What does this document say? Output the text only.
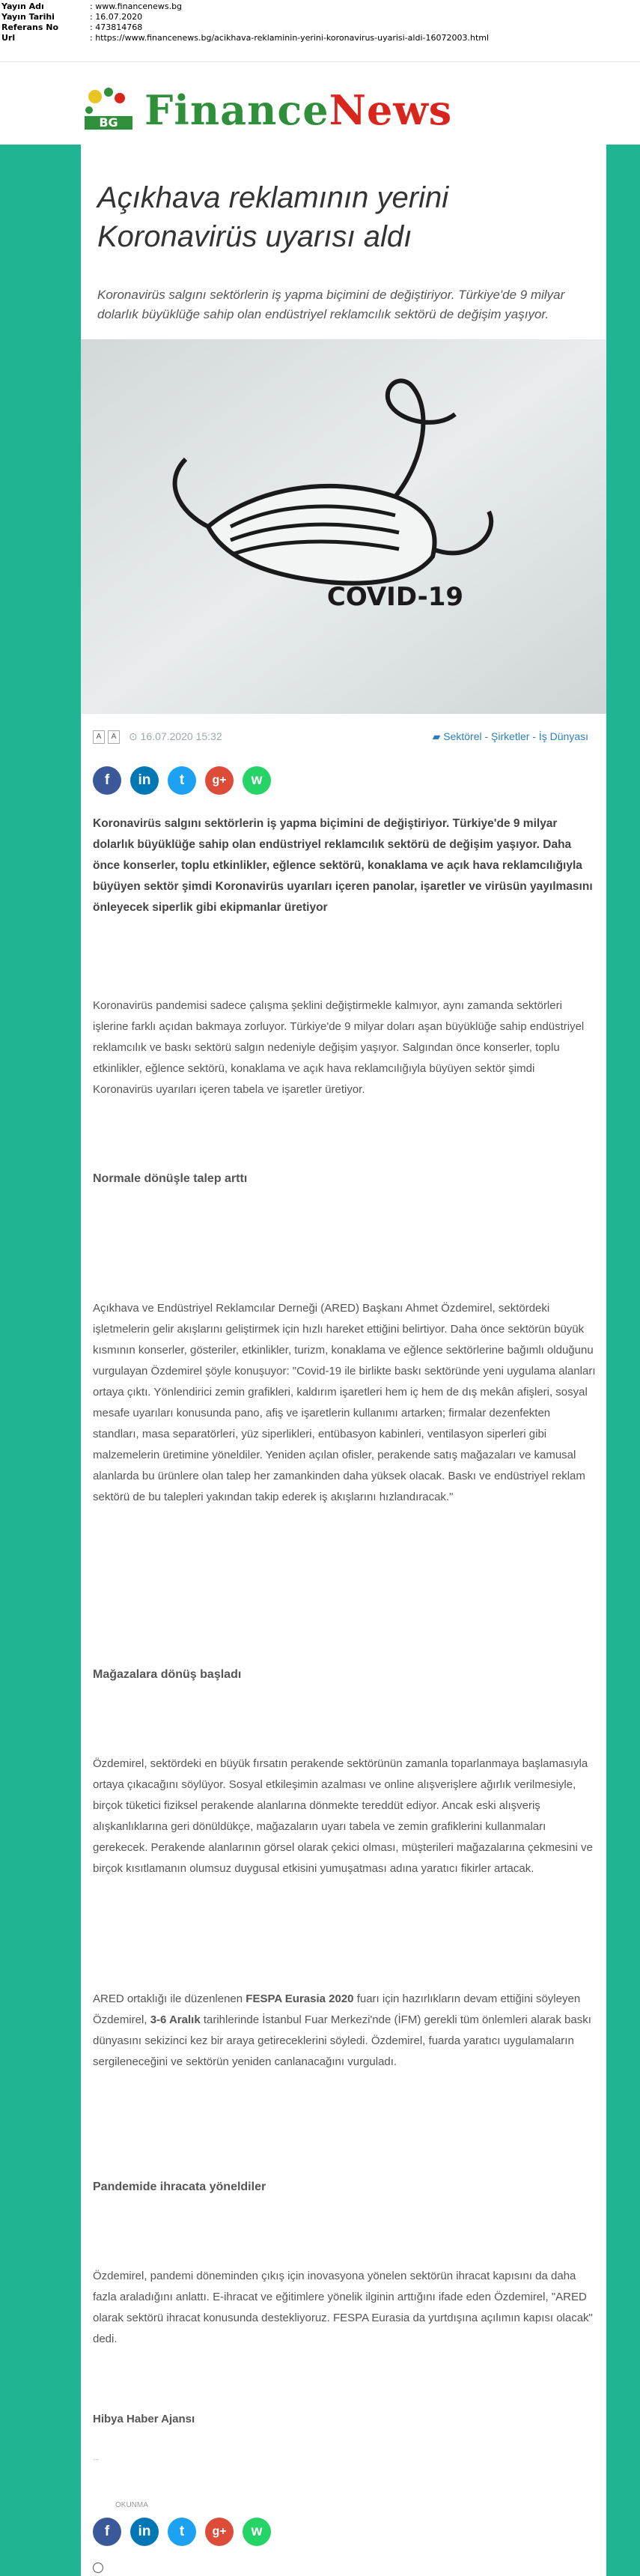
Yayın Adı	: www.financenews.bg
Yayın Tarihi	: 16.07.2020
Referans No	: 473814768
Url	: https://www.financenews.bg/acikhava-reklaminin-yerini-koronavirus-uyarisi-aldi-16072003.html
BG FinanceNews
Açıkhava reklamının yerini Koronavirüs uyarısı aldı

Koronavirüs salgını sektörlerin iş yapma biçimini de değiştiriyor. Türkiye'de 9 milyar dolarlık büyüklüğe sahip olan endüstriyel reklamcılık sektörü de değişim yaşıyor.

COVID-19
A	A	⊙ 16.07.2020 15:32	▰ Sektörel - Şirketler - İş Dünyası
f	in	t	g+	w

Koronavirüs salgını sektörlerin iş yapma biçimini de değiştiriyor. Türkiye'de 9 milyar dolarlık büyüklüğe sahip olan endüstriyel reklamcılık sektörü de değişim yaşıyor. Daha önce konserler, toplu etkinlikler, eğlence sektörü, konaklama ve açık hava reklamcılığıyla büyüyen sektör şimdi Koronavirüs uyarıları içeren panolar, işaretler ve virüsün yayılmasını önleyecek siperlik gibi ekipmanlar üretiyor

Koronavirüs pandemisi sadece çalışma şeklini değiştirmekle kalmıyor, aynı zamanda sektörleri işlerine farklı açıdan bakmaya zorluyor. Türkiye'de 9 milyar doları aşan büyüklüğe sahip endüstriyel reklamcılık ve baskı sektörü salgın nedeniyle değişim yaşıyor. Salgından önce konserler, toplu etkinlikler, eğlence sektörü, konaklama ve açık hava reklamcılığıyla büyüyen sektör şimdi Koronavirüs uyarıları içeren tabela ve işaretler üretiyor.

Normale dönüşle talep arttı

Açıkhava ve Endüstriyel Reklamcılar Derneği (ARED) Başkanı Ahmet Özdemirel, sektördeki işletmelerin gelir akışlarını geliştirmek için hızlı hareket ettiğini belirtiyor. Daha önce sektörün büyük kısmının konserler, gösteriler, etkinlikler, turizm, konaklama ve eğlence sektörlerine bağımlı olduğunu vurgulayan Özdemirel şöyle konuşuyor: "Covid-19 ile birlikte baskı sektöründe yeni uygulama alanları ortaya çıktı. Yönlendirici zemin grafikleri, kaldırım işaretleri hem iç hem de dış mekân afişleri, sosyal mesafe uyarıları konusunda pano, afiş ve işaretlerin kullanımı artarken; firmalar dezenfekten standları, masa separatörleri, yüz siperlikleri, entübasyon kabinleri, ventilasyon siperleri gibi malzemelerin üretimine yöneldiler. Yeniden açılan ofisler, perakende satış mağazaları ve kamusal alanlarda bu ürünlere olan talep her zamankinden daha yüksek olacak. Baskı ve endüstriyel reklam sektörü de bu talepleri yakından takip ederek iş akışlarını hızlandıracak."

Mağazalara dönüş başladı

Özdemirel, sektördeki en büyük fırsatın perakende sektörünün zamanla toparlanmaya başlamasıyla ortaya çıkacağını söylüyor. Sosyal etkileşimin azalması ve online alışverişlere ağırlık verilmesiyle, birçok tüketici fiziksel perakende alanlarına dönmekte tereddüt ediyor. Ancak eski alışveriş alışkanlıklarına geri dönüldükçe, mağazaların uyarı tabela ve zemin grafiklerini kullanmaları gerekecek. Perakende alanlarının görsel olarak çekici olması, müşterileri mağazalarına çekmesini ve birçok kısıtlamanın olumsuz duygusal etkisini yumuşatması adına yaratıcı fikirler artacak.

ARED ortaklığı ile düzenlenen FESPA Eurasia 2020 fuarı için hazırlıkların devam ettiğini söyleyen Özdemirel, 3-6 Aralık tarihlerinde İstanbul Fuar Merkezi'nde (İFM) gerekli tüm önlemleri alarak baskı dünyasını sekizinci kez bir araya getireceklerini söyledi. Özdemirel, fuarda yaratıcı uygulamaların sergileneceğini ve sektörün yeniden canlanacağını vurguladı.

Pandemide ihracata yöneldiler

Özdemirel, pandemi döneminden çıkış için inovasyona yönelen sektörün ihracat kapısını da daha fazla araladığını anlattı. E-ihracat ve eğitimlere yönelik ilginin arttığını ifade eden Özdemirel, "ARED olarak sektörü ihracat konusunda destekliyoruz. FESPA Eurasia da yurtdışına açılımın kapısı olacak" dedi.

Hibya Haber Ajansı
...
OKUNMA
f	in	t	g+	w
